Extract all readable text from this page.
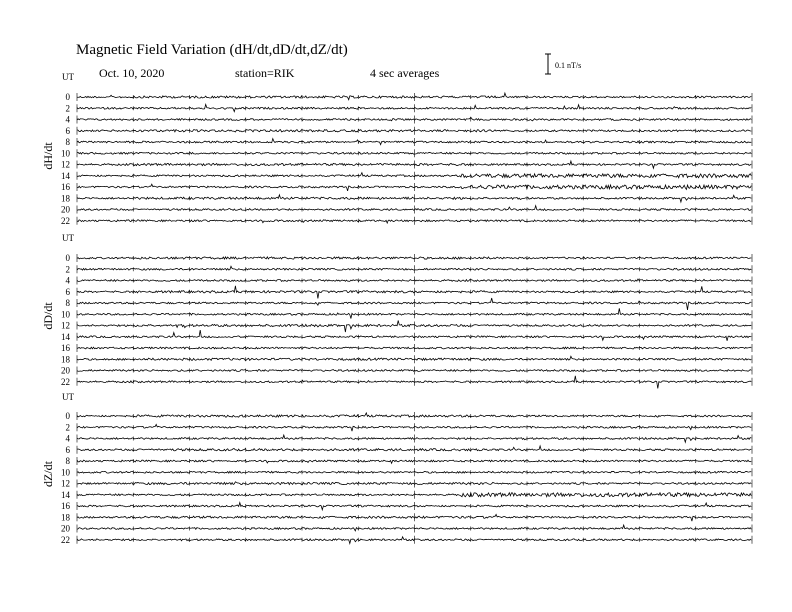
Magnetic Field Variation (dH/dt,dD/dt,dZ/dt)
Oct. 10, 2020	station=RIK	4 sec averages
0.1 nT/s
UT
dH/dt
0
2
4
6
8
10
12
14
16
18
20
22
UT
dD/dt
0
2
4
6
8
10
12
14
16
18
20
22
UT
dZ/dt
0
2
4
6
8
10
12
14
16
18
20
22
